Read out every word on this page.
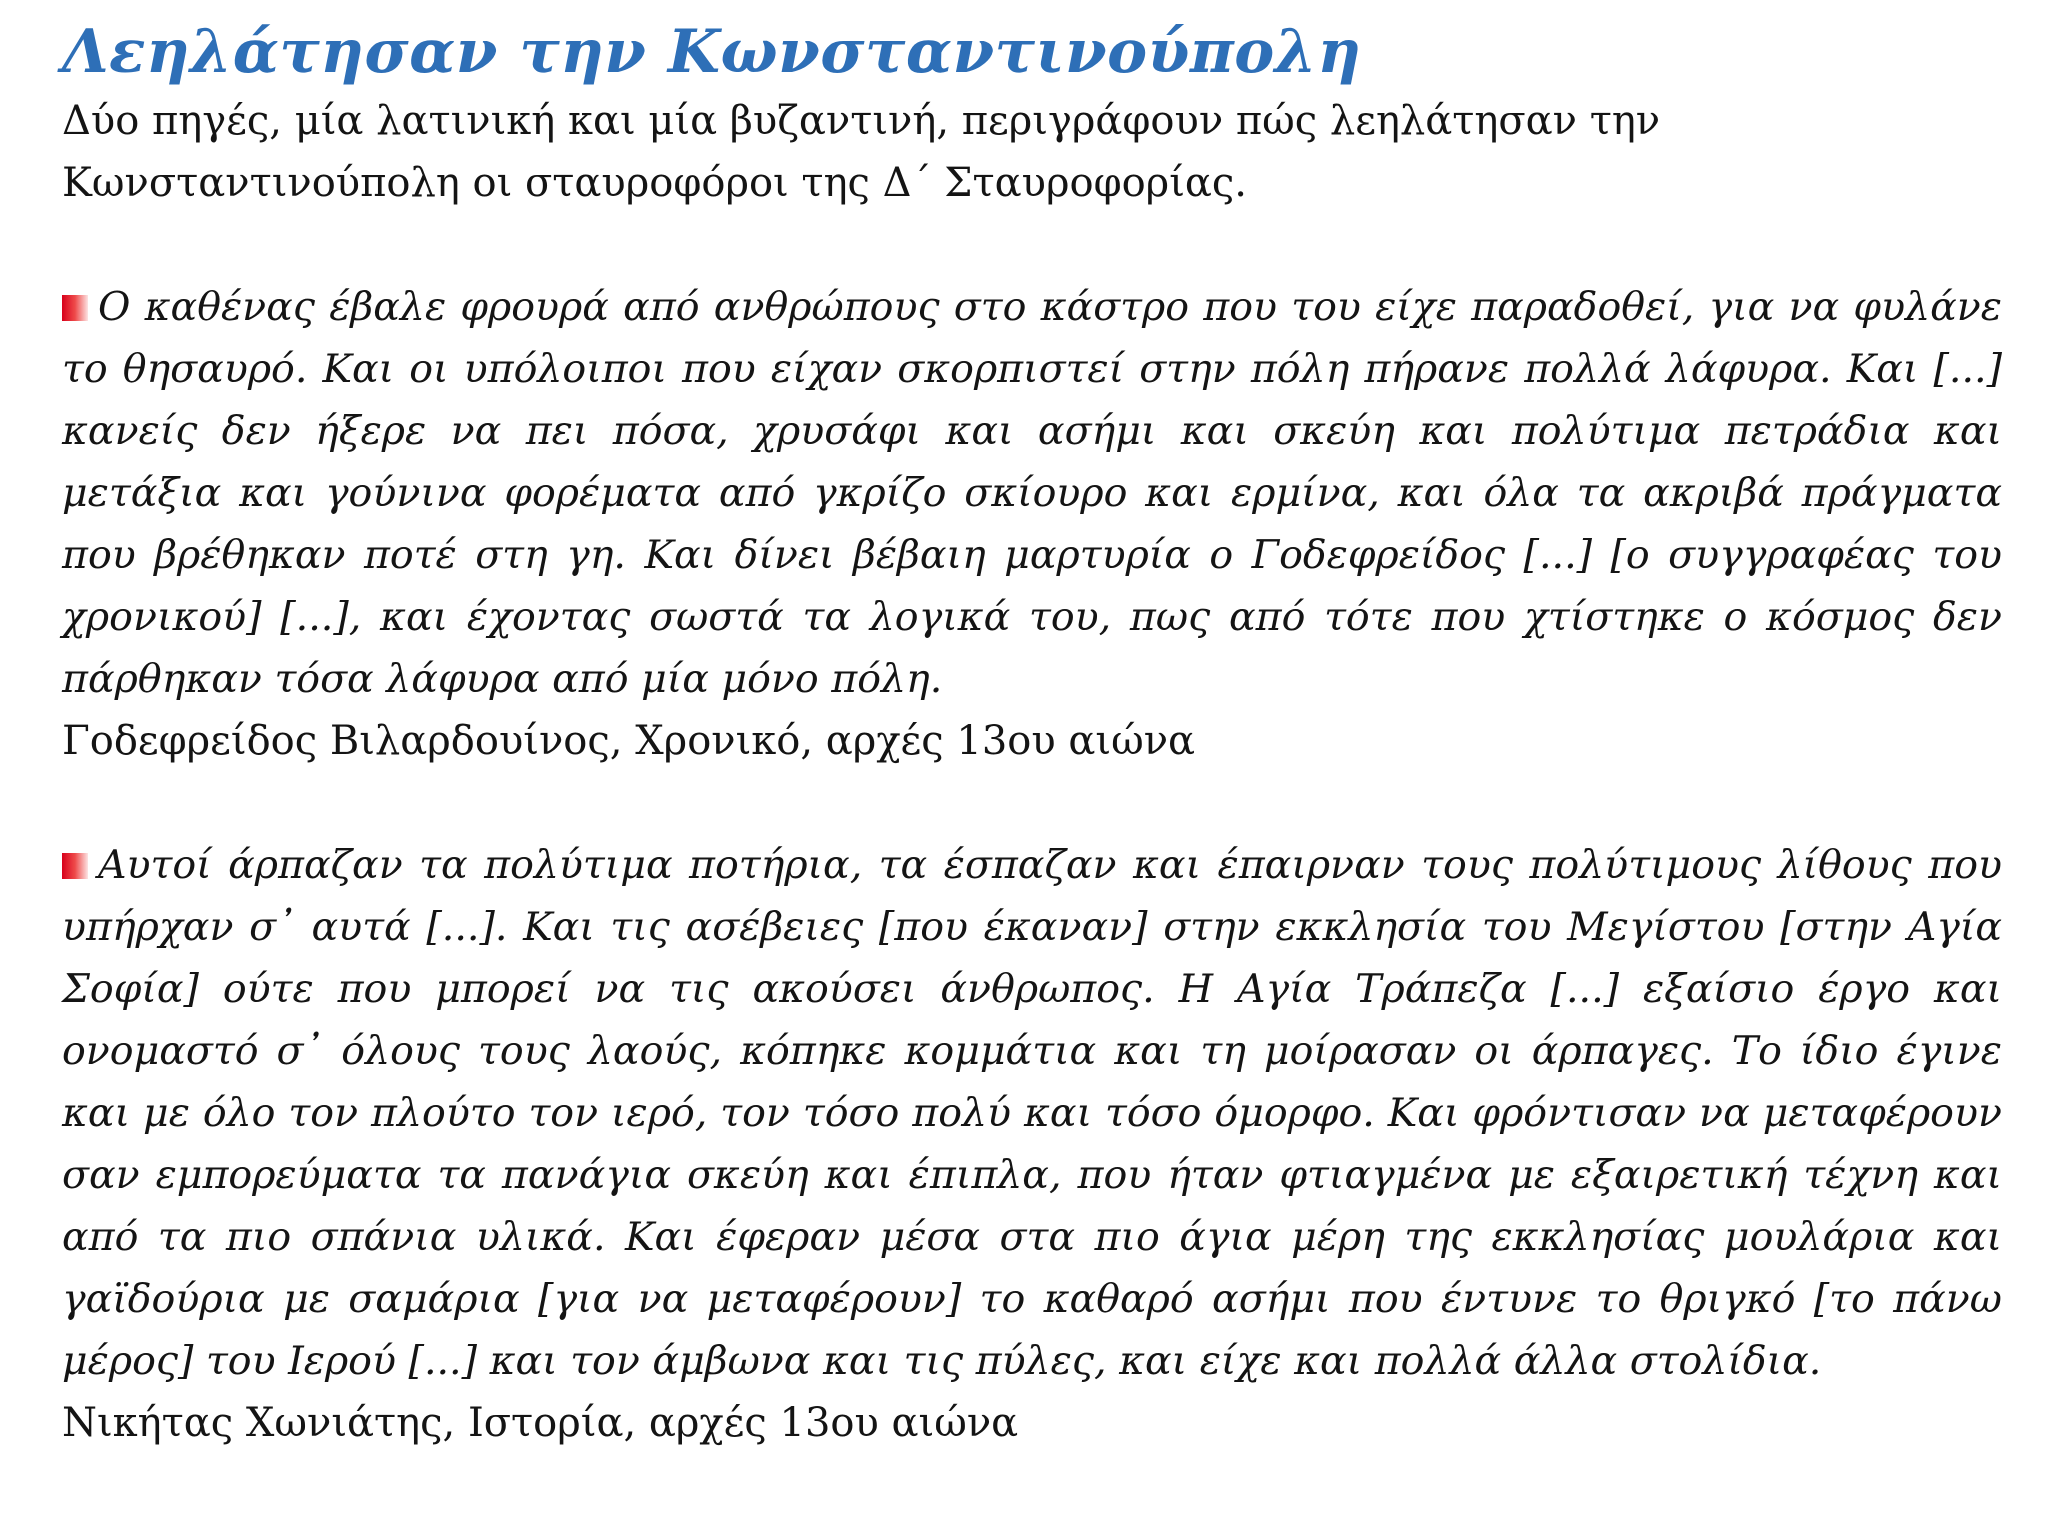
Λεηλάτησαν την Κωνσταντινούπολη

Δύο πηγές, μία λατινική και μία βυζαντινή, περιγράφουν πώς λεηλάτησαν την Κωνσταντινούπολη οι σταυροφόροι της Δ΄ Σταυροφορίας.

Ο καθένας έβαλε φρουρά από ανθρώπους στο κάστρο που του είχε παραδοθεί, για να φυλάνε το θησαυρό. Και οι υπόλοιποι που είχαν σκορπιστεί στην πόλη πήρανε πολλά λάφυρα. Και [...] κανείς δεν ήξερε να πει πόσα, χρυσάφι και ασήμι και σκεύη και πολύτιμα πετράδια και μετάξια και γούνινα φορέματα από γκρίζο σκίουρο και ερμίνα, και όλα τα ακριβά πράγματα που βρέθηκαν ποτέ στη γη. Και δίνει βέβαιη μαρτυρία ο Γοδεφρείδος [...] [ο συγγραφέας του χρονικού] [...], και έχοντας σωστά τα λογικά του, πως από τότε που χτίστηκε ο κόσμος δεν πάρθηκαν τόσα λάφυρα από μία μόνο πόλη.

Γοδεφρείδος Βιλαρδουίνος, Χρονικό, αρχές 13ου αιώνα

Αυτοί άρπαζαν τα πολύτιμα ποτήρια, τα έσπαζαν και έπαιρναν τους πολύτιμους λίθους που υπήρχαν σ᾽ αυτά [...]. Και τις ασέβειες [που έκαναν] στην εκκλησία του Μεγίστου [στην Αγία Σοφία] ούτε που μπορεί να τις ακούσει άνθρωπος. Η Αγία Τράπεζα [...] εξαίσιο έργο και ονομαστό σ᾽ όλους τους λαούς, κόπηκε κομμάτια και τη μοίρασαν οι άρπαγες. Το ίδιο έγινε και με όλο τον πλούτο τον ιερό, τον τόσο πολύ και τόσο όμορφο. Και φρόντισαν να μεταφέρουν σαν εμπορεύματα τα πανάγια σκεύη και έπιπλα, που ήταν φτιαγμένα με εξαιρετική τέχνη και από τα πιο σπάνια υλικά. Και έφεραν μέσα στα πιο άγια μέρη της εκκλησίας μουλάρια και γαϊδούρια με σαμάρια [για να μεταφέρουν] το καθαρό ασήμι που έντυνε το θριγκό [το πάνω μέρος] του Ιερού [...] και τον άμβωνα και τις πύλες, και είχε και πολλά άλλα στολίδια.

Νικήτας Χωνιάτης, Ιστορία, αρχές 13ου αιώνα
